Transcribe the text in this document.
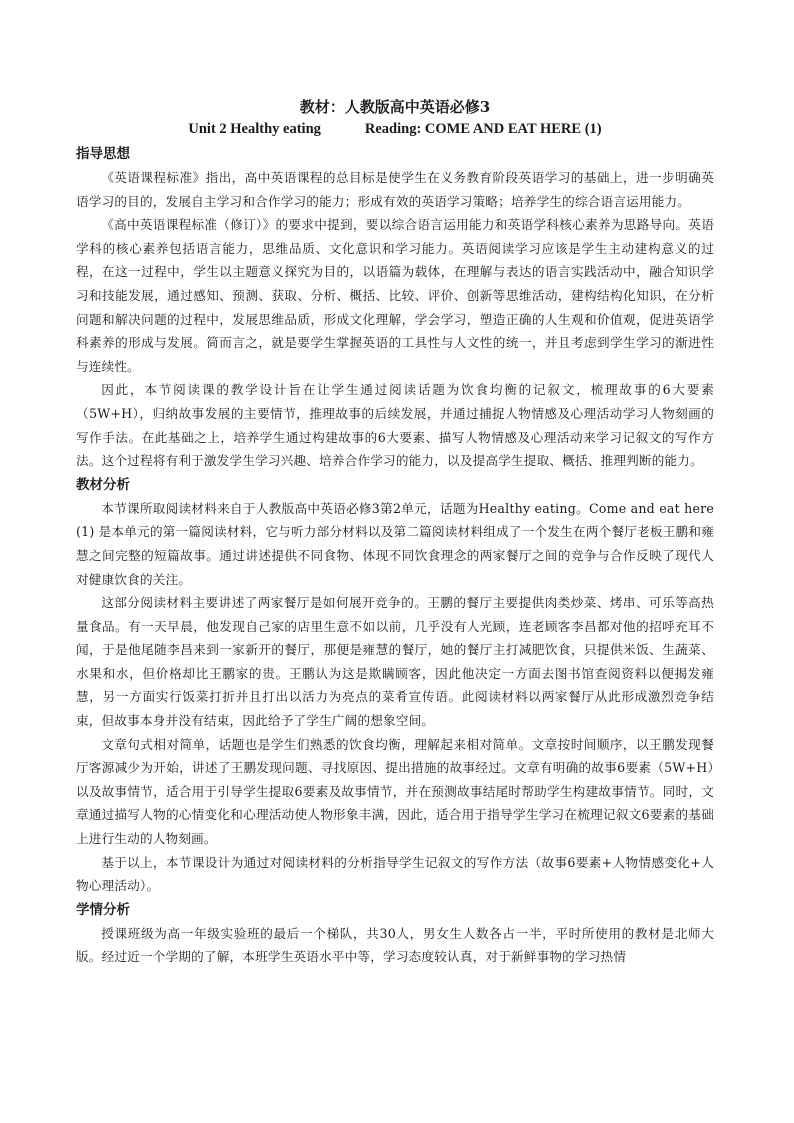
教材：人教版高中英语必修3
Unit 2 Healthy eating	Reading: COME AND EAT HERE (1)
指导思想

《英语课程标准》指出，高中英语课程的总目标是使学生在义务教育阶段英语学习的基础上，进一步明确英语学习的目的，发展自主学习和合作学习的能力；形成有效的英语学习策略；培养学生的综合语言运用能力。

《高中英语课程标准（修订）》的要求中提到，要以综合语言运用能力和英语学科核心素养为思路导向。英语学科的核心素养包括语言能力，思维品质、文化意识和学习能力。英语阅读学习应该是学生主动建构意义的过程，在这一过程中，学生以主题意义探究为目的，以语篇为载体，在理解与表达的语言实践活动中，融合知识学习和技能发展，通过感知、预测、获取、分析、概括、比较、评价、创新等思维活动，建构结构化知识，在分析问题和解决问题的过程中，发展思维品质，形成文化理解，学会学习，塑造正确的人生观和价值观，促进英语学科素养的形成与发展。简而言之，就是要学生掌握英语的工具性与人文性的统一，并且考虑到学生学习的渐进性与连续性。

因此，本节阅读课的教学设计旨在让学生通过阅读话题为饮食均衡的记叙文，梳理故事的6大要素（5W+H），归纳故事发展的主要情节，推理故事的后续发展，并通过捕捉人物情感及心理活动学习人物刻画的写作手法。在此基础之上，培养学生通过构建故事的6大要素、描写人物情感及心理活动来学习记叙文的写作方法。这个过程将有利于激发学生学习兴趣、培养合作学习的能力，以及提高学生提取、概括、推理判断的能力。

教材分析

本节课所取阅读材料来自于人教版高中英语必修3第2单元，话题为Healthy eating。Come and eat here (1) 是本单元的第一篇阅读材料，它与听力部分材料以及第二篇阅读材料组成了一个发生在两个餐厅老板王鹏和雍慧之间完整的短篇故事。通过讲述提供不同食物、体现不同饮食理念的两家餐厅之间的竞争与合作反映了现代人对健康饮食的关注。

这部分阅读材料主要讲述了两家餐厅是如何展开竞争的。王鹏的餐厅主要提供肉类炒菜、烤串、可乐等高热量食品。有一天早晨，他发现自己家的店里生意不如以前，几乎没有人光顾，连老顾客李昌都对他的招呼充耳不闻，于是他尾随李昌来到一家新开的餐厅，那便是雍慧的餐厅，她的餐厅主打减肥饮食，只提供米饭、生蔬菜、水果和水，但价格却比王鹏家的贵。王鹏认为这是欺瞒顾客，因此他决定一方面去图书馆查阅资料以便揭发雍慧，另一方面实行饭菜打折并且打出以活力为亮点的菜肴宣传语。此阅读材料以两家餐厅从此形成激烈竞争结束，但故事本身并没有结束，因此给予了学生广阔的想象空间。

文章句式相对简单，话题也是学生们熟悉的饮食均衡，理解起来相对简单。文章按时间顺序，以王鹏发现餐厅客源减少为开始，讲述了王鹏发现问题、寻找原因、提出措施的故事经过。文章有明确的故事6要素（5W+H）以及故事情节，适合用于引导学生提取6要素及故事情节，并在预测故事结尾时帮助学生构建故事情节。同时，文章通过描写人物的心情变化和心理活动使人物形象丰满，因此，适合用于指导学生学习在梳理记叙文6要素的基础上进行生动的人物刻画。

基于以上，本节课设计为通过对阅读材料的分析指导学生记叙文的写作方法（故事6要素+人物情感变化+人物心理活动）。

学情分析

授课班级为高一年级实验班的最后一个梯队，共30人，男女生人数各占一半，平时所使用的教材是北师大版。经过近一个学期的了解，本班学生英语水平中等，学习态度较认真，对于新鲜事物的学习热情
